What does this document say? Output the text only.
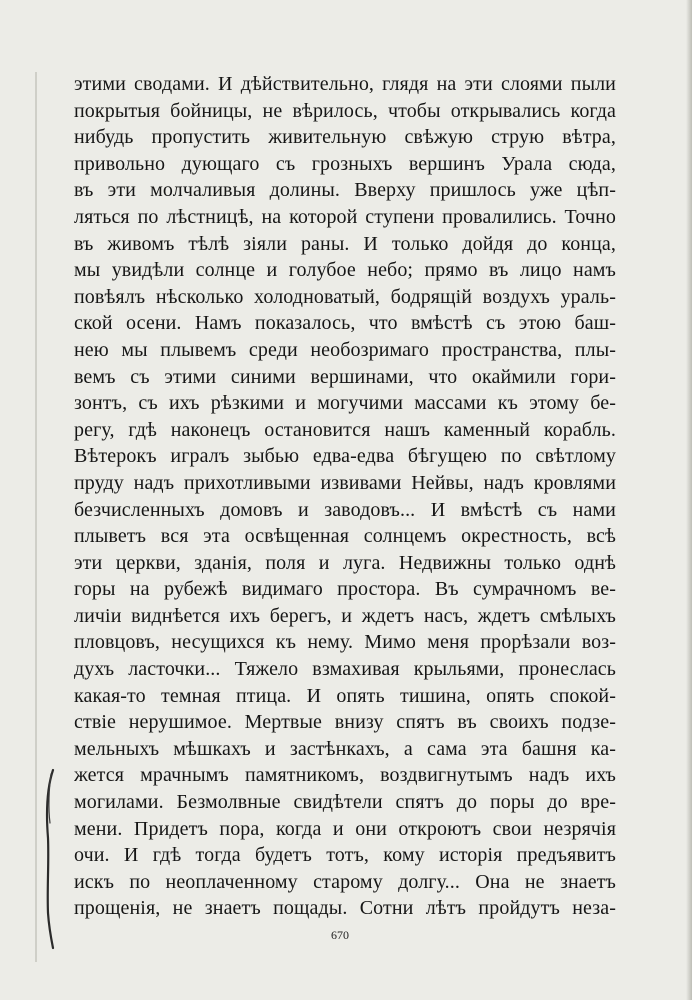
этими сводами. И дѣйствительно, глядя на эти слоями пыли
покрытыя бойницы, не вѣрилось, чтобы открывались когда
нибудь пропустить живительную свѣжую струю вѣтра,
привольно дующаго съ грозныхъ вершинъ Урала сюда,
въ эти молчаливыя долины. Вверху пришлось уже цѣп-
ляться по лѣстницѣ, на которой ступени провалились. Точно
въ живомъ тѣлѣ зіяли раны. И только дойдя до конца,
мы увидѣли солнце и голубое небо; прямо въ лицо намъ
повѣялъ нѣсколько холодноватый, бодрящій воздухъ ураль-
ской осени. Намъ показалось, что вмѣстѣ съ этою баш-
нею мы плывемъ среди необозримаго пространства, плы-
вемъ съ этими синими вершинами, что окаймили гори-
зонтъ, съ ихъ рѣзкими и могучими массами къ этому бе-
регу, гдѣ наконецъ остановится нашъ каменный корабль.
Вѣтерокъ игралъ зыбью едва-едва бѣгущею по свѣтлому
пруду надъ прихотливыми извивами Нейвы, надъ кровлями
безчисленныхъ домовъ и заводовъ... И вмѣстѣ съ нами
плыветъ вся эта освѣщенная солнцемъ окрестность, всѣ
эти церкви, зданія, поля и луга. Недвижны только однѣ
горы на рубежѣ видимаго простора. Въ сумрачномъ ве-
личіи виднѣется ихъ берегъ, и ждетъ насъ, ждетъ смѣлыхъ
пловцовъ, несущихся къ нему. Мимо меня прорѣзали воз-
духъ ласточки... Тяжело взмахивая крыльями, пронеслась
какая-то темная птица. И опять тишина, опять спокой-
ствіе нерушимое. Мертвые внизу спятъ въ своихъ подзе-
мельныхъ мѣшкахъ и застѣнкахъ, а сама эта башня ка-
жется мрачнымъ памятникомъ, воздвигнутымъ надъ ихъ
могилами. Безмолвные свидѣтели спятъ до поры до вре-
мени. Придетъ пора, когда и они откроютъ свои незрячія
очи. И гдѣ тогда будетъ тотъ, кому исторія предъявитъ
искъ по неоплаченному старому долгу... Она не знаетъ
прощенія, не знаетъ пощады. Сотни лѣтъ пройдутъ неза-
670
